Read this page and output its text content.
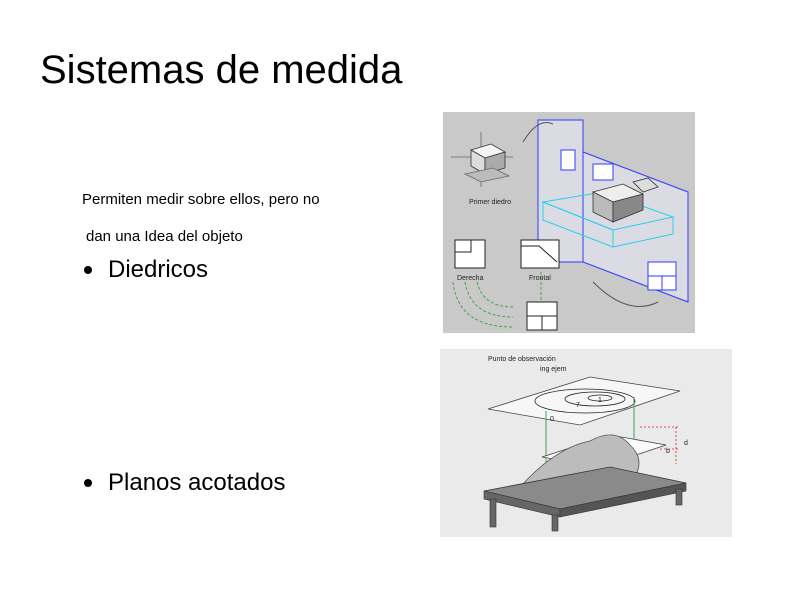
Sistemas de medida
Permiten medir sobre ellos, pero no
dan una Idea del objeto
Diedricos
Planos acotados
Primer diedro
Derecha	Frontal
Punto de observación
ing ejem
7
1
0
d
b
